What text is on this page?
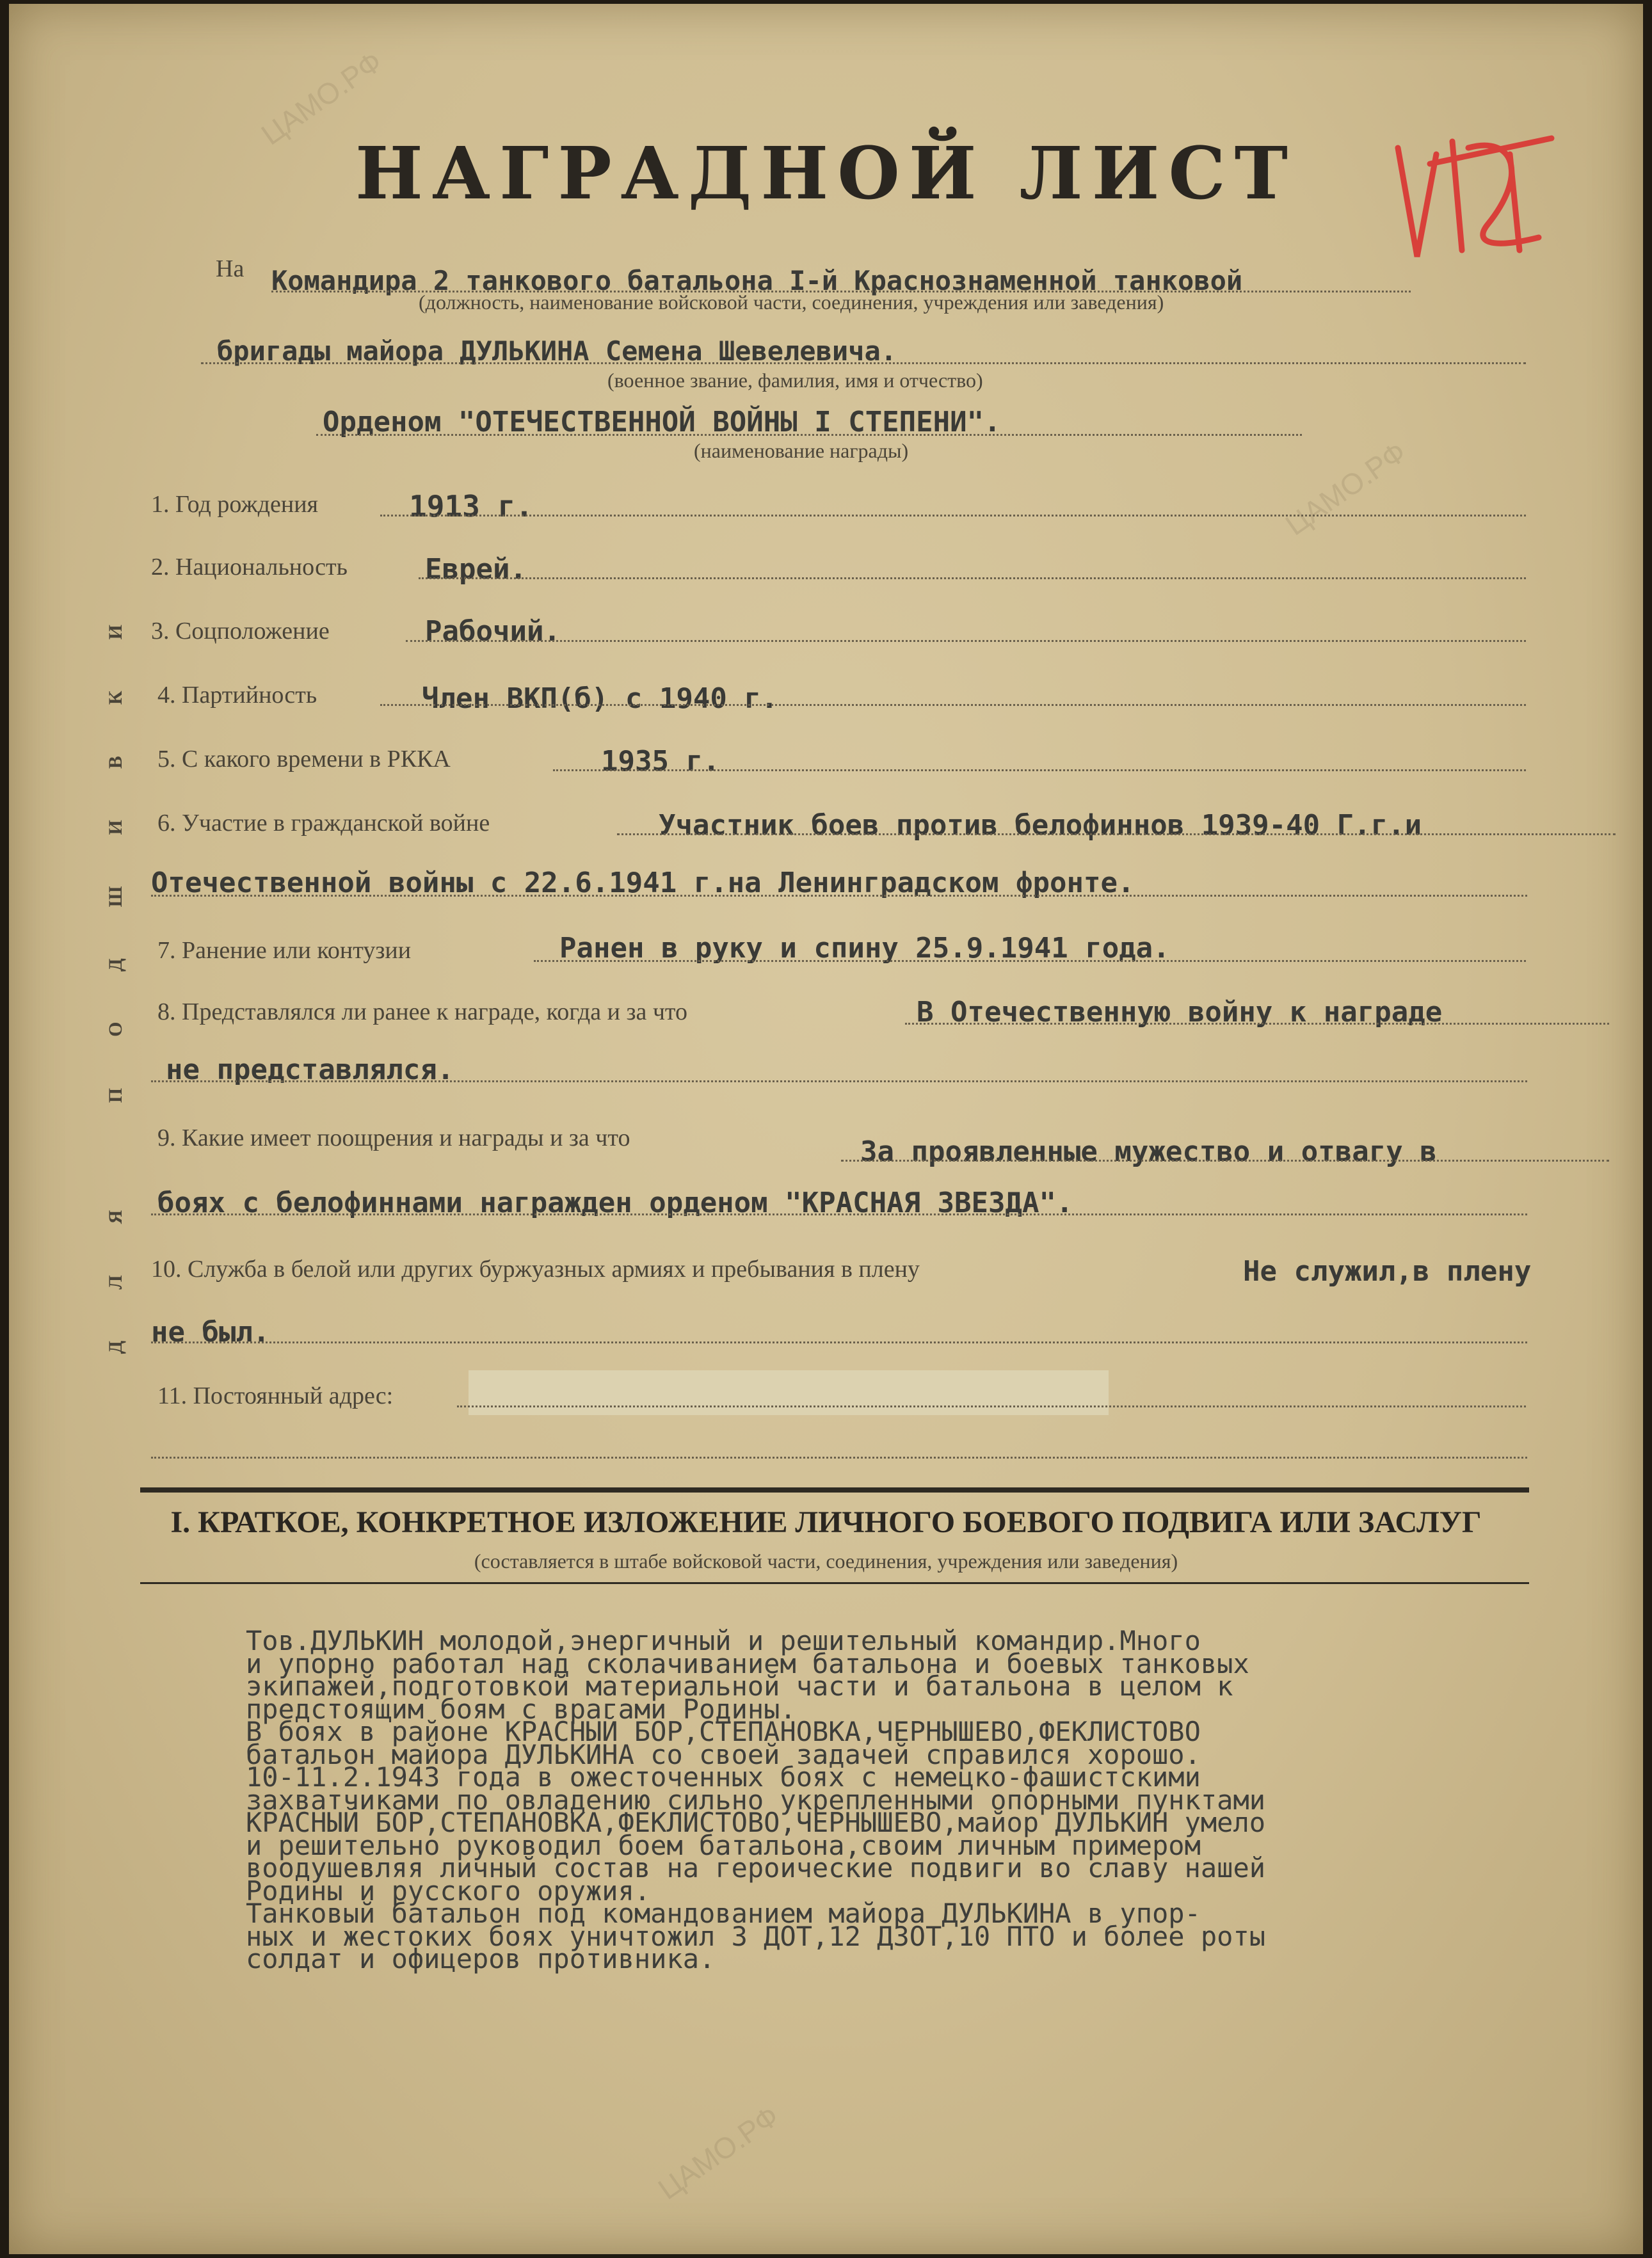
ЦАМО.РФ
ЦАМО.РФ
ЦАМО.РФ
НАГРАДНОЙ ЛИСТ
ДЛЯ ПОДШИВКИ
На Командира 2 танкового батальона I-й Краснознаменной танковой
(должность, наименование войсковой части, соединения, учреждения или заведения)
бригады майора ДУЛЬКИНА Семена Шевелевича.
(военное звание, фамилия, имя и отчество)
Орденом "ОТЕЧЕСТВЕННОЙ ВОЙНЫ I СТЕПЕНИ".
(наименование награды)
1. Год рождения	1913 г.
2. Национальность	Еврей.
3. Соцположение	Рабочий.
4. Партийность	Член ВКП(б) с 1940 г.
5. С какого времени в РККА	1935 г.
6. Участие в гражданской войне	Участник боев против белофиннов 1939-40 Г.г.и
Отечественной войны с 22.6.1941 г.на Ленинградском фронте.
7. Ранение или контузии	Ранен в руку и спину 25.9.1941 года.
8. Представлялся ли ранее к награде, когда и за что	В Отечественную войну к награде
не представлялся.
9. Какие имеет поощрения и награды и за что	За проявленные мужество и отвагу в
боях с белофиннами награжден орденом "КРАСНАЯ ЗВЕЗДА".
10. Служба в белой или других буржуазных армиях и пребывания в плену	Не служил,в плену
не был.
11. Постоянный адрес:
I. КРАТКОЕ, КОНКРЕТНОЕ ИЗЛОЖЕНИЕ ЛИЧНОГО БОЕВОГО ПОДВИГА ИЛИ ЗАСЛУГ
(составляется в штабе войсковой части, соединения, учреждения или заведения)
Тов.ДУЛЬКИН молодой,энергичный и решительный командир.Много
и упорно работал над сколачиванием батальона и боевых танковых
экипажей,подготовкой материальной части и батальона в целом к
предстоящим боям с врагами Родины.
В боях в районе КРАСНЫЙ БОР,СТЕПАНОВКА,ЧЕРНЫШЕВО,ФЕКЛИСТОВО
батальон майора ДУЛЬКИНА со своей задачей справился хорошо.
10-11.2.1943 года в ожесточенных боях с немецко-фашистскими
захватчиками по овладению сильно укрепленными опорными пунктами
КРАСНЫЙ БОР,СТЕПАНОВКА,ФЕКЛИСТОВО,ЧЕРНЫШЕВО,майор ДУЛЬКИН умело
и решительно руководил боем батальона,своим личным примером
воодушевляя личный состав на героические подвиги во славу нашей
Родины и русского оружия.
Танковый батальон под командованием майора ДУЛЬКИНА в упор-
ных и жестоких боях уничтожил 3 ДОТ,12 ДЗОТ,10 ПТО и более роты
солдат и офицеров противника.
